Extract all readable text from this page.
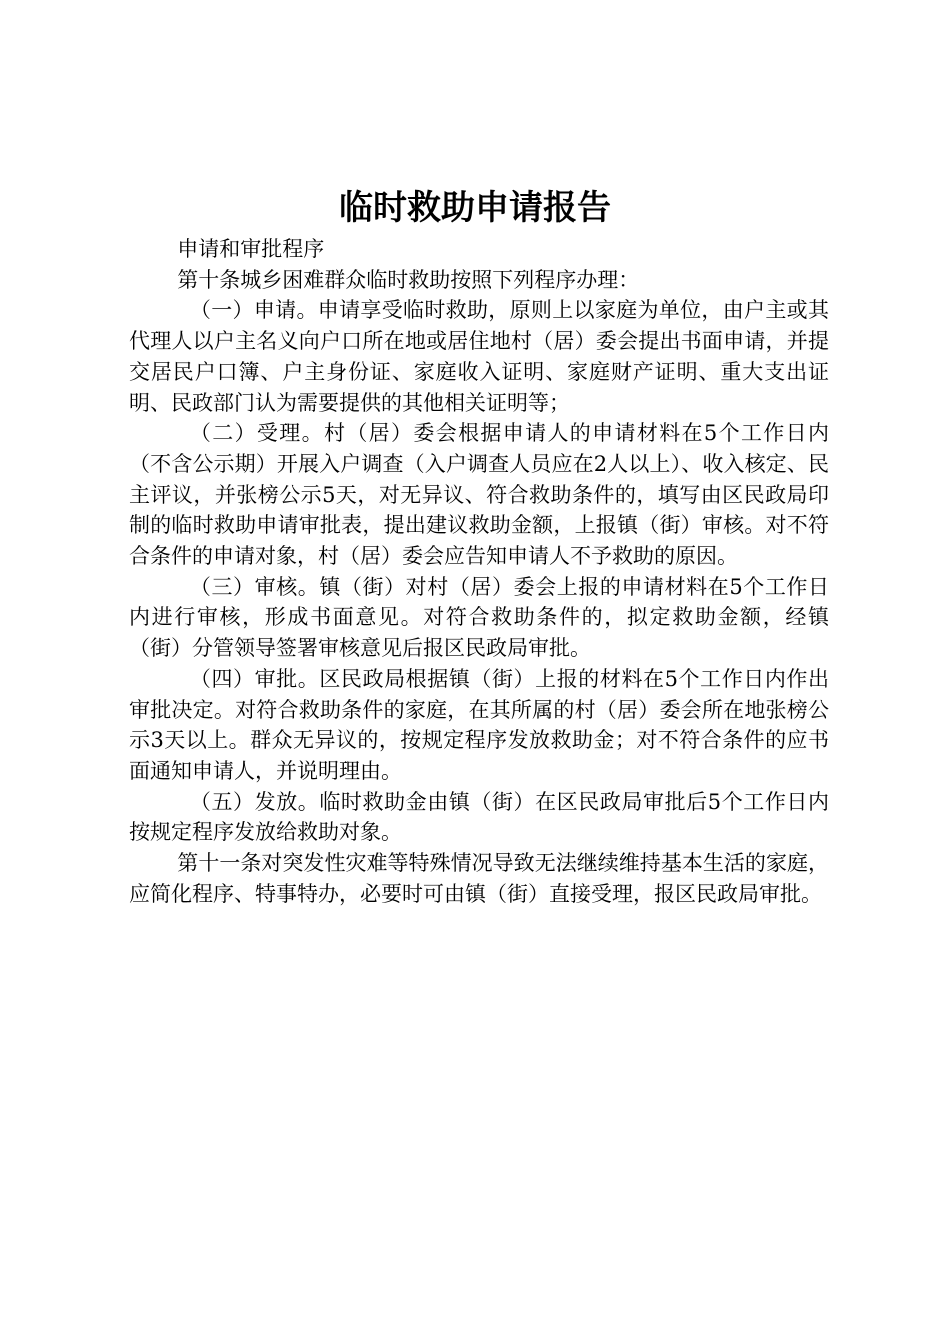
临时救助申请报告

申请和审批程序

第十条城乡困难群众临时救助按照下列程序办理：

（一）申请。申请享受临时救助，原则上以家庭为单位，由户主或其代理人以户主名义向户口所在地或居住地村（居）委会提出书面申请，并提交居民户口簿、户主身份证、家庭收入证明、家庭财产证明、重大支出证明、民政部门认为需要提供的其他相关证明等；

（二）受理。村（居）委会根据申请人的申请材料在5个工作日内（不含公示期）开展入户调查（入户调查人员应在2人以上）、收入核定、民主评议，并张榜公示5天，对无异议、符合救助条件的，填写由区民政局印制的临时救助申请审批表，提出建议救助金额，上报镇（街）审核。对不符合条件的申请对象，村（居）委会应告知申请人不予救助的原因。

（三）审核。镇（街）对村（居）委会上报的申请材料在5个工作日内进行审核，形成书面意见。对符合救助条件的，拟定救助金额，经镇（街）分管领导签署审核意见后报区民政局审批。

（四）审批。区民政局根据镇（街）上报的材料在5个工作日内作出审批决定。对符合救助条件的家庭，在其所属的村（居）委会所在地张榜公示3天以上。群众无异议的，按规定程序发放救助金；对不符合条件的应书面通知申请人，并说明理由。

（五）发放。临时救助金由镇（街）在区民政局审批后5个工作日内按规定程序发放给救助对象。

第十一条对突发性灾难等特殊情况导致无法继续维持基本生活的家庭，应简化程序、特事特办，必要时可由镇（街）直接受理，报区民政局审批。
